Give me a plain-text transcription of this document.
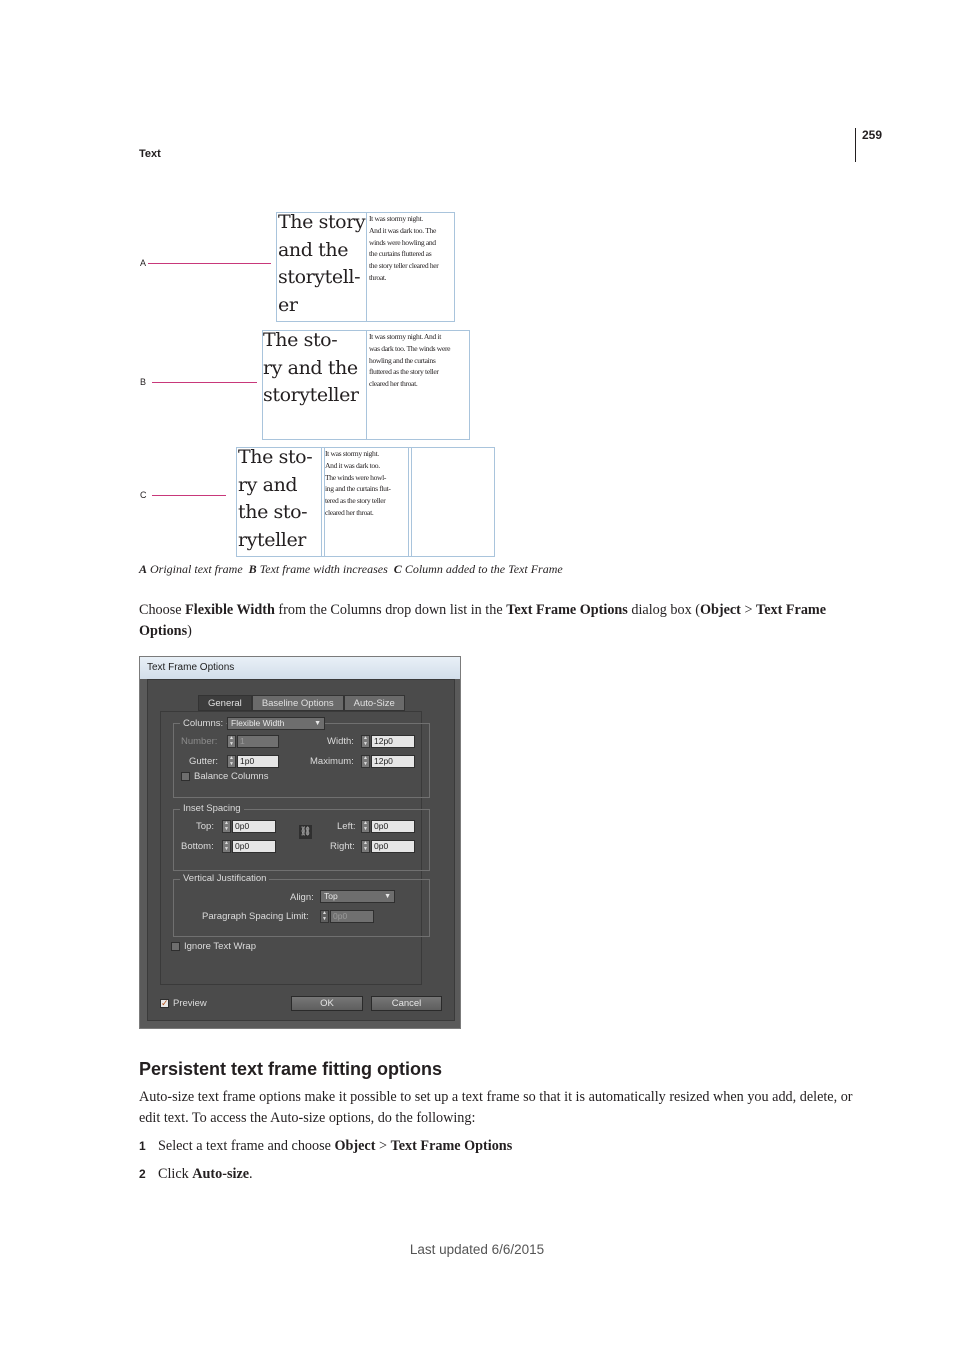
259
Text
A
B
C
The story
and the
storytell-
er
It was stormy night.
And it was dark too. The
winds were howling and
the curtains fluttered as
the story teller cleared her
throat.
The sto-
ry and the
storyteller
It was stormy night. And it
was dark too. The winds were
howling and the curtains
fluttered as the story teller
cleared her throat.
The sto-
ry and
the sto-
ryteller
It was stormy night.
And it was dark too.
The winds were howl-
ing and the curtains flut-
tered as the story teller
cleared her throat.
A Original text frame B Text frame width increases C Column added to the Text Frame
Choose Flexible Width from the Columns drop down list in the Text Frame Options dialog box (Object > Text Frame Options)
Text Frame Options
General	Baseline Options	Auto-Size
Columns: Flexible Width	▼
Number:	▲
▼ 1	Width:	▲
▼ 12p0
Gutter:	▲
▼ 1p0	Maximum:	▲
▼ 12p0
Balance Columns
Inset Spacing
Top:	▲
▼ 0p0
Bottom:	▲
▼ 0p0
⛓	Left:	▲
▼ 0p0
Right:	▲
▼ 0p0
Vertical Justification
Align:	Top	▼
Paragraph Spacing Limit:	▲
▼ 0p0
Ignore Text Wrap
✓ Preview	OK	Cancel
Persistent text frame fitting options
Auto-size text frame options make it possible to set up a text frame so that it is automatically resized when you add, delete, or edit text. To access the Auto-size options, do the following:
1 Select a text frame and choose Object > Text Frame Options
2 Click Auto-size.
Last updated 6/6/2015
